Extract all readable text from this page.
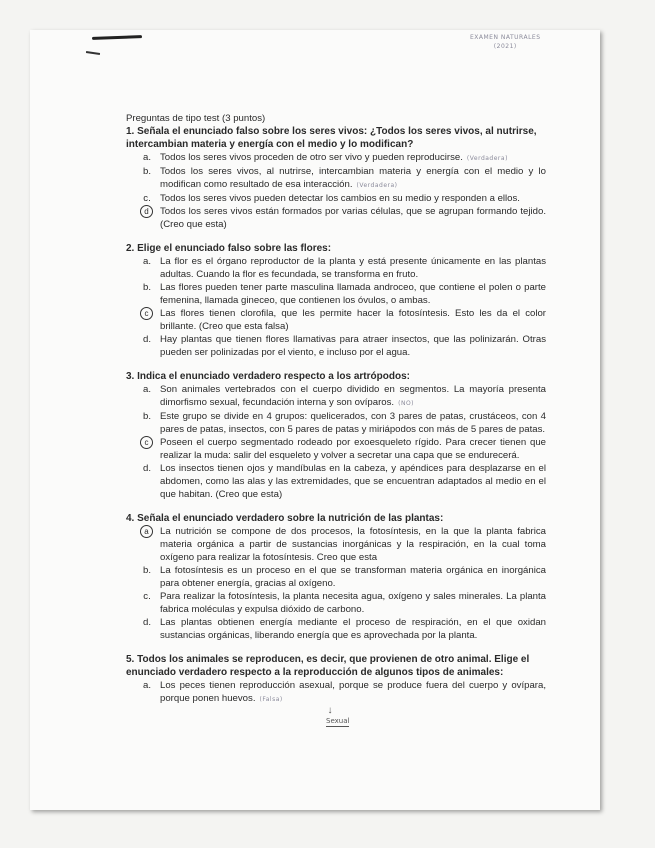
EXAMEN NATURALES
(2021)

Preguntas de tipo test (3 puntos)

1. Señala el enunciado falso sobre los seres vivos: ¿Todos los seres vivos, al nutrirse, intercambian materia y energía con el medio y lo modifican?

a. Todos los seres vivos proceden de otro ser vivo y pueden reproducirse. (Verdadera)
b. Todos los seres vivos, al nutrirse, intercambian materia y energía con el medio y lo modifican como resultado de esa interacción. (Verdadera)
c. Todos los seres vivos pueden detectar los cambios en su medio y responden a ellos.
d	Todos los seres vivos están formados por varias células, que se agrupan formando tejido. (Creo que esta)

2. Elige el enunciado falso sobre las flores:

a. La flor es el órgano reproductor de la planta y está presente únicamente en las plantas adultas. Cuando la flor es fecundada, se transforma en fruto.
b. Las flores pueden tener parte masculina llamada androceo, que contiene el polen o parte femenina, llamada gineceo, que contienen los óvulos, o ambas.
c	Las flores tienen clorofila, que les permite hacer la fotosíntesis. Esto les da el color brillante. (Creo que esta falsa)
d. Hay plantas que tienen flores llamativas para atraer insectos, que las polinizarán. Otras pueden ser polinizadas por el viento, e incluso por el agua.

3. Indica el enunciado verdadero respecto a los artrópodos:

a. Son animales vertebrados con el cuerpo dividido en segmentos. La mayoría presenta dimorfismo sexual, fecundación interna y son ovíparos. (NO)
b. Este grupo se divide en 4 grupos: quelicerados, con 3 pares de patas, crustáceos, con 4 pares de patas, insectos, con 5 pares de patas y miriápodos con más de 5 pares de patas.
c	Poseen el cuerpo segmentado rodeado por exoesqueleto rígido. Para crecer tienen que realizar la muda: salir del esqueleto y volver a secretar una capa que se endurecerá.
d. Los insectos tienen ojos y mandíbulas en la cabeza, y apéndices para desplazarse en el abdomen, como las alas y las extremidades, que se encuentran adaptados al medio en el que habitan. (Creo que esta)

4. Señala el enunciado verdadero sobre la nutrición de las plantas:

a	La nutrición se compone de dos procesos, la fotosíntesis, en la que la planta fabrica materia orgánica a partir de sustancias inorgánicas y la respiración, en la cual toma oxígeno para realizar la fotosíntesis. Creo que esta
b. La fotosíntesis es un proceso en el que se transforman materia orgánica en inorgánica para obtener energía, gracias al oxígeno.
c. Para realizar la fotosíntesis, la planta necesita agua, oxígeno y sales minerales. La planta fabrica moléculas y expulsa dióxido de carbono.
d. Las plantas obtienen energía mediante el proceso de respiración, en el que oxidan sustancias orgánicas, liberando energía que es aprovechada por la planta.

5. Todos los animales se reproducen, es decir, que provienen de otro animal. Elige el enunciado verdadero respecto a la reproducción de algunos tipos de animales:

a. Los peces tienen reproducción asexual, porque se produce fuera del cuerpo y ovípara, porque ponen huevos. (Falsa)
↓
Sexual
